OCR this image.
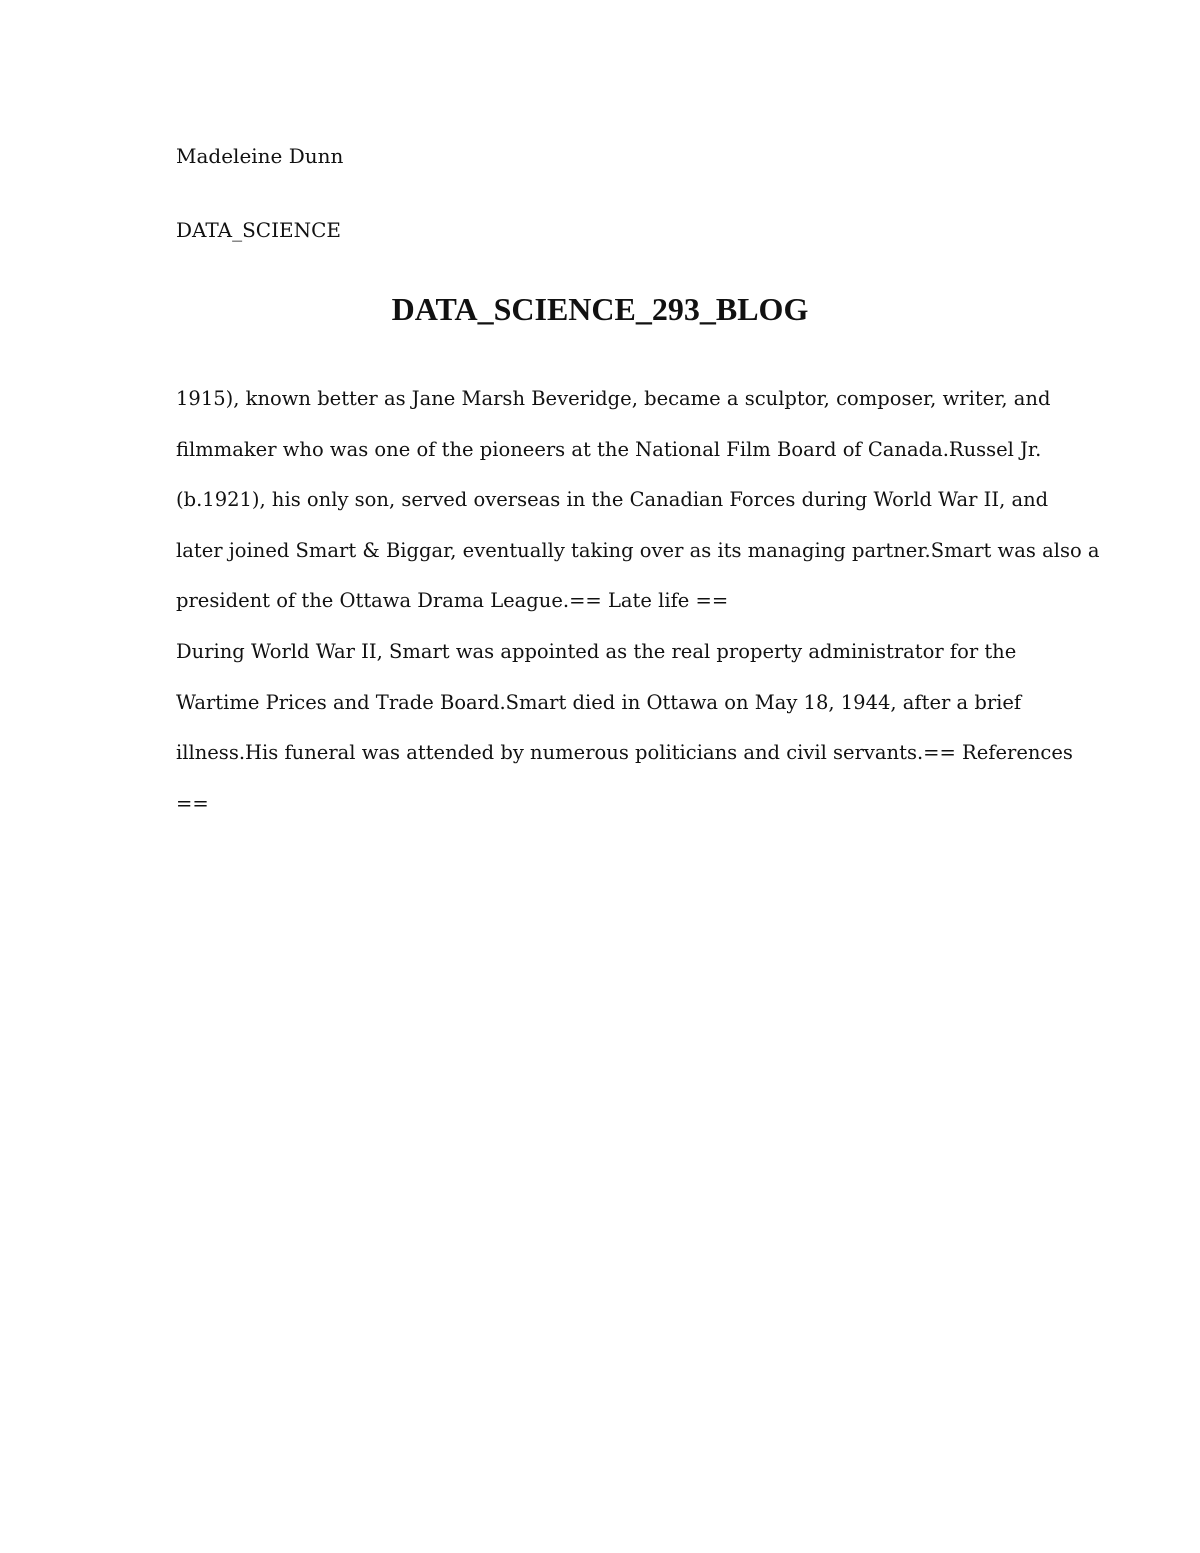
Madeleine Dunn
DATA_SCIENCE
DATA_SCIENCE_293_BLOG
1915), known better as Jane Marsh Beveridge, became a sculptor, composer, writer, and
filmmaker who was one of the pioneers at the National Film Board of Canada.Russel Jr.
(b.1921), his only son, served overseas in the Canadian Forces during World War II, and
later joined Smart & Biggar, eventually taking over as its managing partner.Smart was also a
president of the Ottawa Drama League.== Late life ==
During World War II, Smart was appointed as the real property administrator for the
Wartime Prices and Trade Board.Smart died in Ottawa on May 18, 1944, after a brief
illness.His funeral was attended by numerous politicians and civil servants.== References
==
